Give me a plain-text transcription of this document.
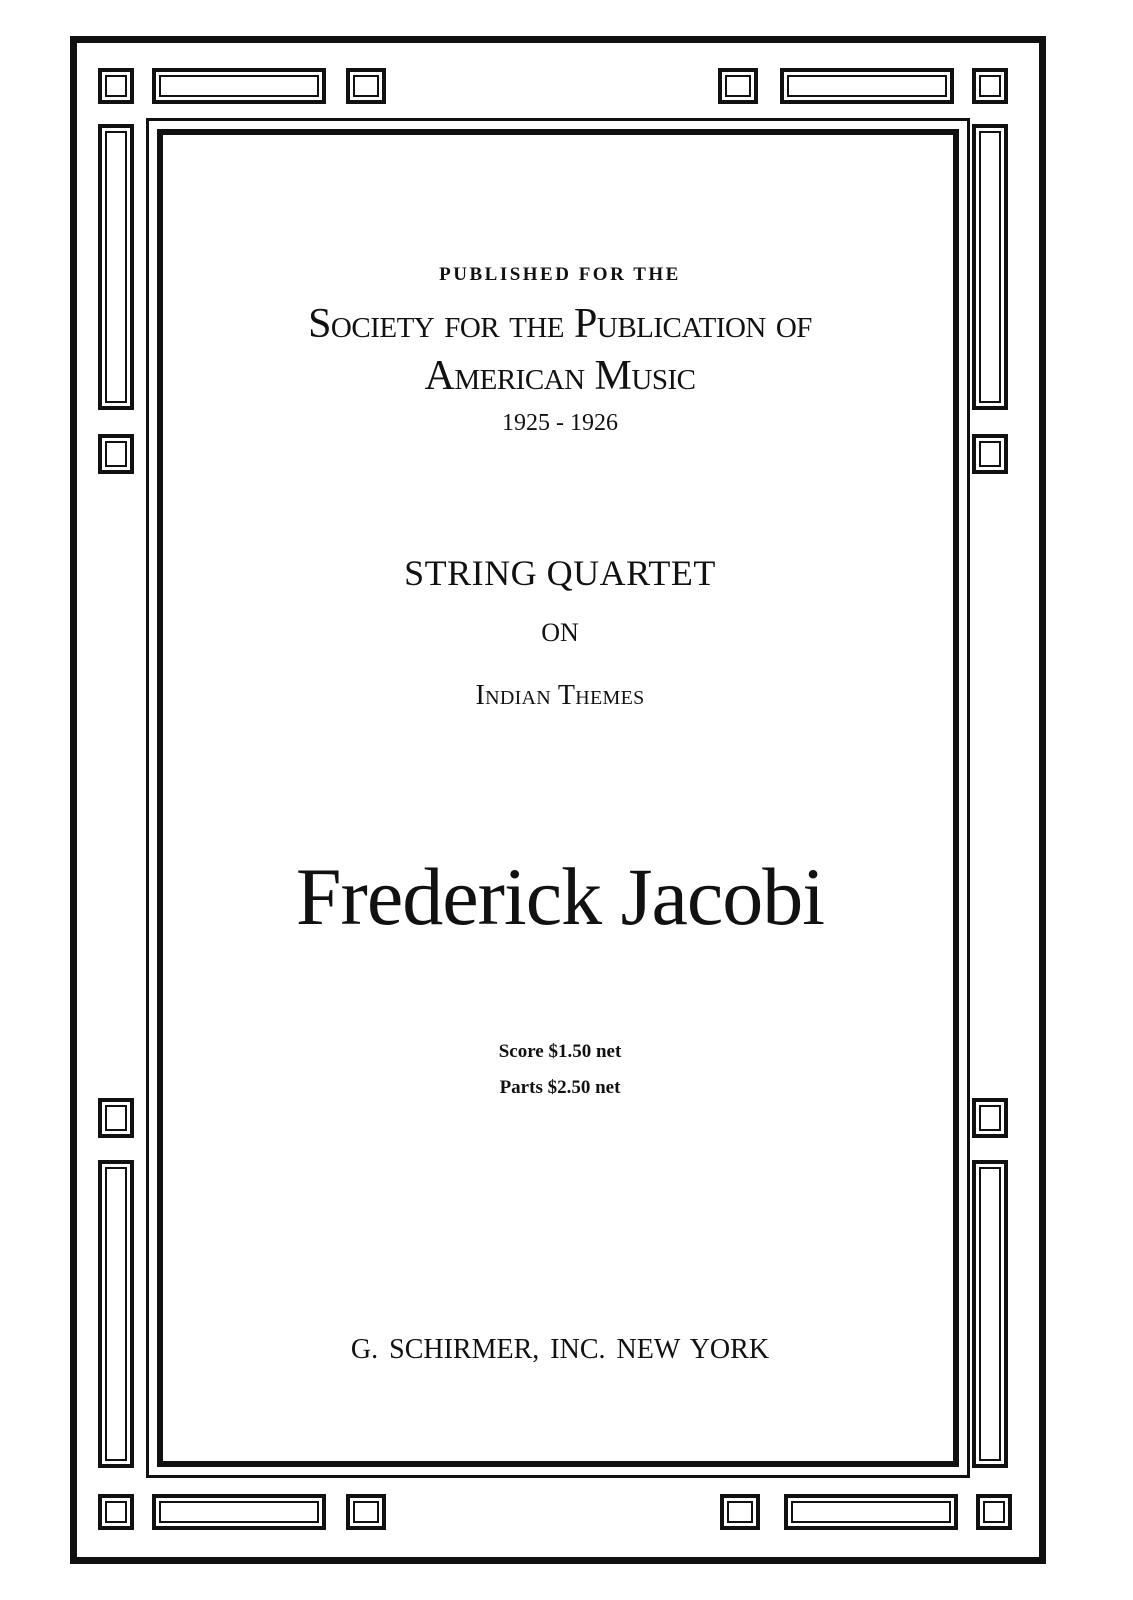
PUBLISHED FOR THE
Society for the Publication of
American Music
1925 - 1926
STRING QUARTET
ON
Indian Themes
Frederick Jacobi
Score $1.50 net
Parts $2.50 net
G. SCHIRMER, INC. NEW YORK
